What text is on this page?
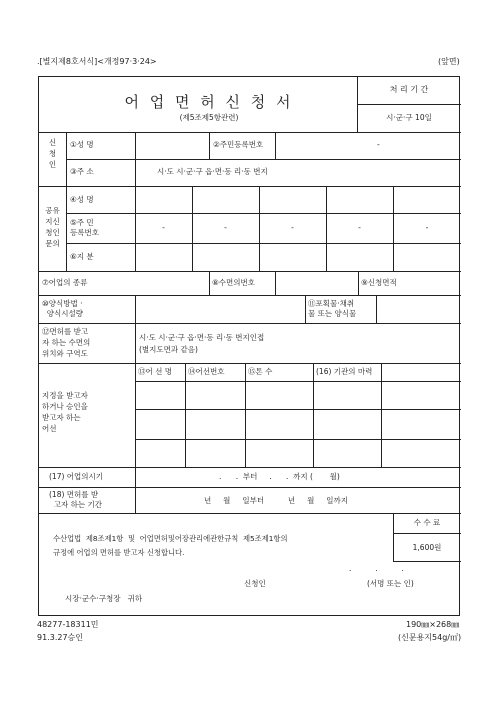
.[별지제8호서식]<개정97·3·24>	(앞면)
어 업 면 허 신 청 서
(제5조제5항관련)
처 리 기 간
시·군·구 10일
신
청
인
①성 명	②주민등록번호	-
③주 소	시·도 시·군·구 읍·면·동 리·동 번지
공유
지신
청인
문의
④성 명
⑤주 민
등록번호
-	-	-	-	-
⑥지 분
⑦어업의 종류	⑧수면의번호	⑨신청면적
⑩양식방법 ·
양식시설량
⑪포획물·채취
물 또는 양식물
⑫면허를 받고
자 하는 수면의
위치와 구역도
시·도 시·군·구 읍·면·동 리·동 번지인접
(별지도면과 같음)
지정을 받고자
하거나 승인을
받고자 하는
어선
⑬어 선 명 ⑭어선번호	⑮톤 수	(16) 기관의 마력
(17) 어업의시기	.      .  부터     .      .  까지 (       월)
(18) 면허를 받
고자 하는 기간	년     월     일부터          년     월     일까지
수산업법  제8조제1항  및  어업면허및어장관리에관한규칙  제5조제1항의
규정에 어업의 면허를 받고자 신청합니다.
수 수 료
1,600원
.          .          .
신청인	(서명 또는 인)
시장·군수·구청장   귀하
48277-18311민
91.3.27승인
190㎜×268㎜
(신문용지54g/㎡)
